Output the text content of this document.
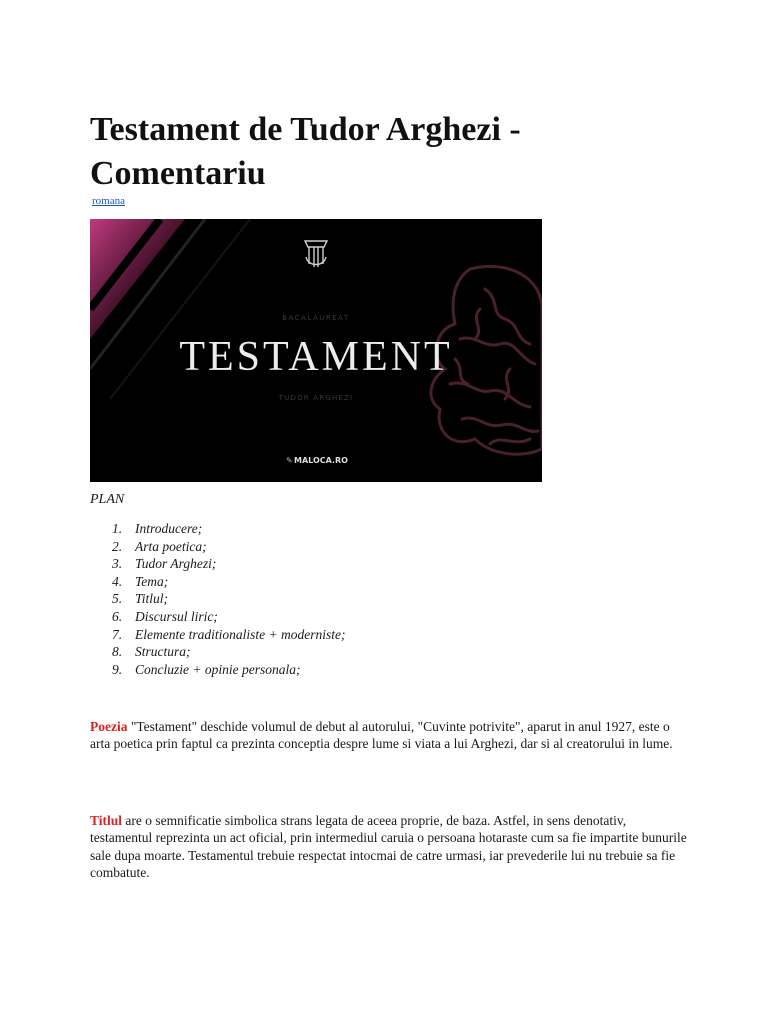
Testament de Tudor Arghezi - Comentariu
romana
BACALAUREAT
TESTAMENT
TUDOR ARGHEZI
✎ MALOCA.RO
PLAN
1. Introducere;
2. Arta poetica;
3. Tudor Arghezi;
4. Tema;
5. Titlul;
6. Discursul liric;
7. Elemente traditionaliste + moderniste;
8. Structura;
9. Concluzie + opinie personala;

Poezia "Testament" deschide volumul de debut al autorului, "Cuvinte potrivite", aparut in anul 1927, este o arta poetica prin faptul ca prezinta conceptia despre lume si viata a lui Arghezi, dar si al creatorului in lume.

Titlul are o semnificatie simbolica strans legata de aceea proprie, de baza. Astfel, in sens denotativ, testamentul reprezinta un act oficial, prin intermediul caruia o persoana hotaraste cum sa fie impartite bunurile sale dupa moarte. Testamentul trebuie respectat intocmai de catre urmasi, iar prevederile lui nu trebuie sa fie combatute.
